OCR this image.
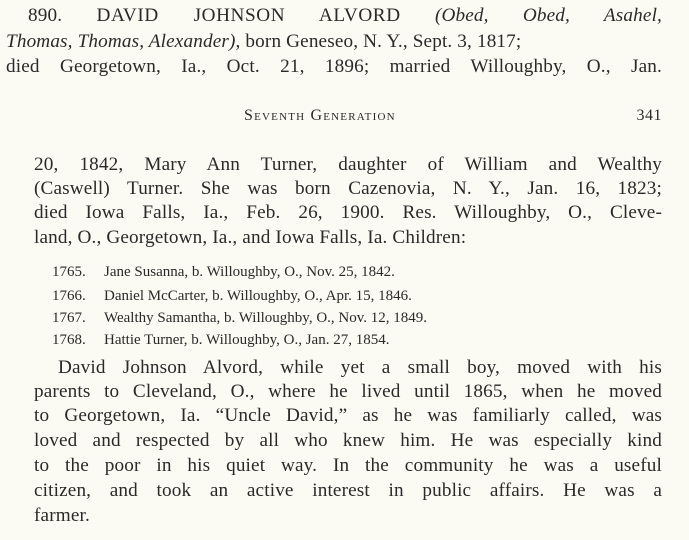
890. DAVID JOHNSON ALVORD (Obed, Obed, Asahel,
Thomas, Thomas, Alexander), born Geneseo, N. Y., Sept. 3, 1817;
died Georgetown, Ia., Oct. 21, 1896; married Willoughby, O., Jan.
Seventh Generation	341
20, 1842, Mary Ann Turner, daughter of William and Wealthy
(Caswell) Turner. She was born Cazenovia, N. Y., Jan. 16, 1823;
died Iowa Falls, Ia., Feb. 26, 1900. Res. Willoughby, O., Cleve-
land, O., Georgetown, Ia., and Iowa Falls, Ia. Children:
1765. Jane Susanna, b. Willoughby, O., Nov. 25, 1842.
1766. Daniel McCarter, b. Willoughby, O., Apr. 15, 1846.
1767. Wealthy Samantha, b. Willoughby, O., Nov. 12, 1849.
1768. Hattie Turner, b. Willoughby, O., Jan. 27, 1854.
David Johnson Alvord, while yet a small boy, moved with his
parents to Cleveland, O., where he lived until 1865, when he moved
to Georgetown, Ia. “Uncle David,” as he was familiarly called, was
loved and respected by all who knew him. He was especially kind
to the poor in his quiet way. In the community he was a useful
citizen, and took an active interest in public affairs. He was a
farmer.
